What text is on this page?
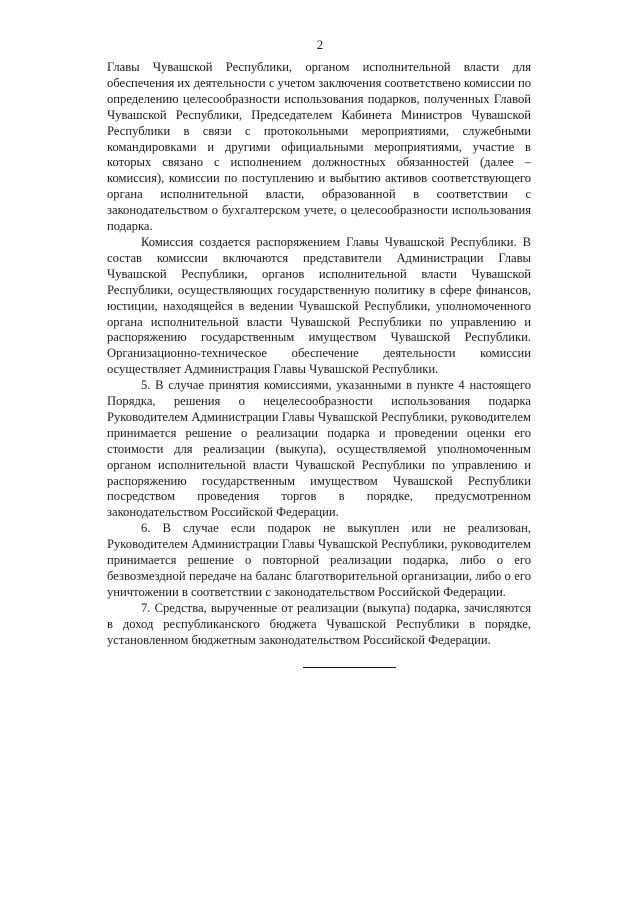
2

Главы Чувашской Республики, органом исполнительной власти для обеспечения их деятельности с учетом заключения соответствено комиссии по определению целесообразности использования подарков, полученных Главой Чувашской Республики, Председателем Кабинета Министров Чувашской Республики в связи с протокольными мероприятиями, служебными командировками и другими официальными мероприятиями, участие в которых связано с исполнением должностных обязанностей (далее – комиссия), комиссии по поступлению и выбытию активов соответствующего органа исполнительной власти, образованной в соответствии с законодательством о бухгалтерском учете, о целесообразности использования подарка.

Комиссия создается распоряжением Главы Чувашской Республики. В состав комиссии включаются представители Администрации Главы Чувашской Республики, органов исполнительной власти Чувашской Республики, осуществляющих государственную политику в сфере финансов, юстиции, находящейся в ведении Чувашской Республики, уполномоченного органа исполнительной власти Чувашской Республики по управлению и распоряжению государственным имуществом Чувашской Республики. Организационно-техническое обеспечение деятельности комиссии осуществляет Администрация Главы Чувашской Республики.

5. В случае принятия комиссиями, указанными в пункте 4 настоящего Порядка, решения о нецелесообразности использования подарка Руководителем Администрации Главы Чувашской Республики, руководителем принимается решение о реализации подарка и проведении оценки его стоимости для реализации (выкупа), осуществляемой уполномоченным органом исполнительной власти Чувашской Республики по управлению и распоряжению государственным имуществом Чувашской Республики посредством проведения торгов в порядке, предусмотренном законодательством Российской Федерации.

6. В случае если подарок не выкуплен или не реализован, Руководителем Администрации Главы Чувашской Республики, руководителем принимается решение о повторной реализации подарка, либо о его безвозмездной передаче на баланс благотворительной организации, либо о его уничтожении в соответствии с законодательством Российской Федерации.

7. Средства, вырученные от реализации (выкупа) подарка, зачисляются в доход республиканского бюджета Чувашской Республики в порядке, установленном бюджетным законодательством Российской Федерации.
